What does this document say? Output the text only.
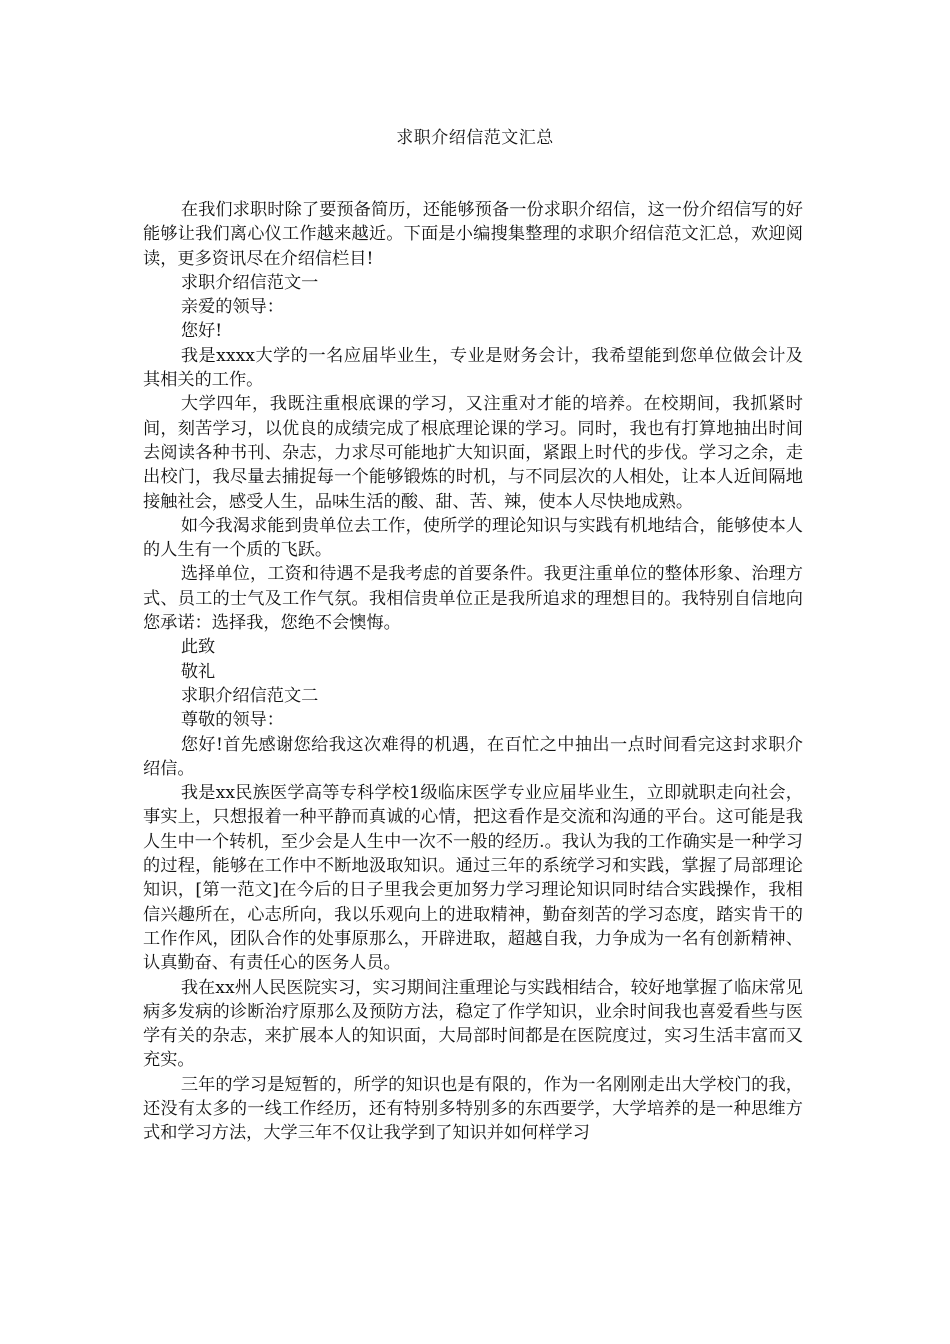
求职介绍信范文汇总

在我们求职时除了要预备简历，还能够预备一份求职介绍信，这一份介绍信写的好能够让我们离心仪工作越来越近。下面是小编搜集整理的求职介绍信范文汇总，欢迎阅读，更多资讯尽在介绍信栏目!

求职介绍信范文一

亲爱的领导：

您好!

我是xxxx大学的一名应届毕业生，专业是财务会计，我希望能到您单位做会计及其相关的工作。

大学四年，我既注重根底课的学习，又注重对才能的培养。在校期间，我抓紧时间，刻苦学习，以优良的成绩完成了根底理论课的学习。同时，我也有打算地抽出时间去阅读各种书刊、杂志，力求尽可能地扩大知识面，紧跟上时代的步伐。学习之余，走出校门，我尽量去捕捉每一个能够锻炼的时机，与不同层次的人相处，让本人近间隔地接触社会，感受人生，品味生活的酸、甜、苦、辣，使本人尽快地成熟。

如今我渴求能到贵单位去工作，使所学的理论知识与实践有机地结合，能够使本人的人生有一个质的飞跃。

选择单位，工资和待遇不是我考虑的首要条件。我更注重单位的整体形象、治理方式、员工的士气及工作气氛。我相信贵单位正是我所追求的理想目的。我特别自信地向您承诺：选择我，您绝不会懊悔。

此致

敬礼

求职介绍信范文二

尊敬的领导：

您好!首先感谢您给我这次难得的机遇，在百忙之中抽出一点时间看完这封求职介绍信。

我是xx民族医学高等专科学校1级临床医学专业应届毕业生，立即就职走向社会，事实上，只想报着一种平静而真诚的心情，把这看作是交流和沟通的平台。这可能是我人生中一个转机，至少会是人生中一次不一般的经历.。我认为我的工作确实是一种学习的过程，能够在工作中不断地汲取知识。通过三年的系统学习和实践，掌握了局部理论知识，[第一范文]在今后的日子里我会更加努力学习理论知识同时结合实践操作，我相信兴趣所在，心志所向，我以乐观向上的进取精神，勤奋刻苦的学习态度，踏实肯干的工作作风，团队合作的处事原那么，开辟进取，超越自我，力争成为一名有创新精神、认真勤奋、有责任心的医务人员。

我在xx州人民医院实习，实习期间注重理论与实践相结合，较好地掌握了临床常见病多发病的诊断治疗原那么及预防方法，稳定了作学知识，业余时间我也喜爱看些与医学有关的杂志，来扩展本人的知识面，大局部时间都是在医院度过，实习生活丰富而又充实。

三年的学习是短暂的，所学的知识也是有限的，作为一名刚刚走出大学校门的我，还没有太多的一线工作经历，还有特别多特别多的东西要学，大学培养的是一种思维方式和学习方法，大学三年不仅让我学到了知识并如何样学习
